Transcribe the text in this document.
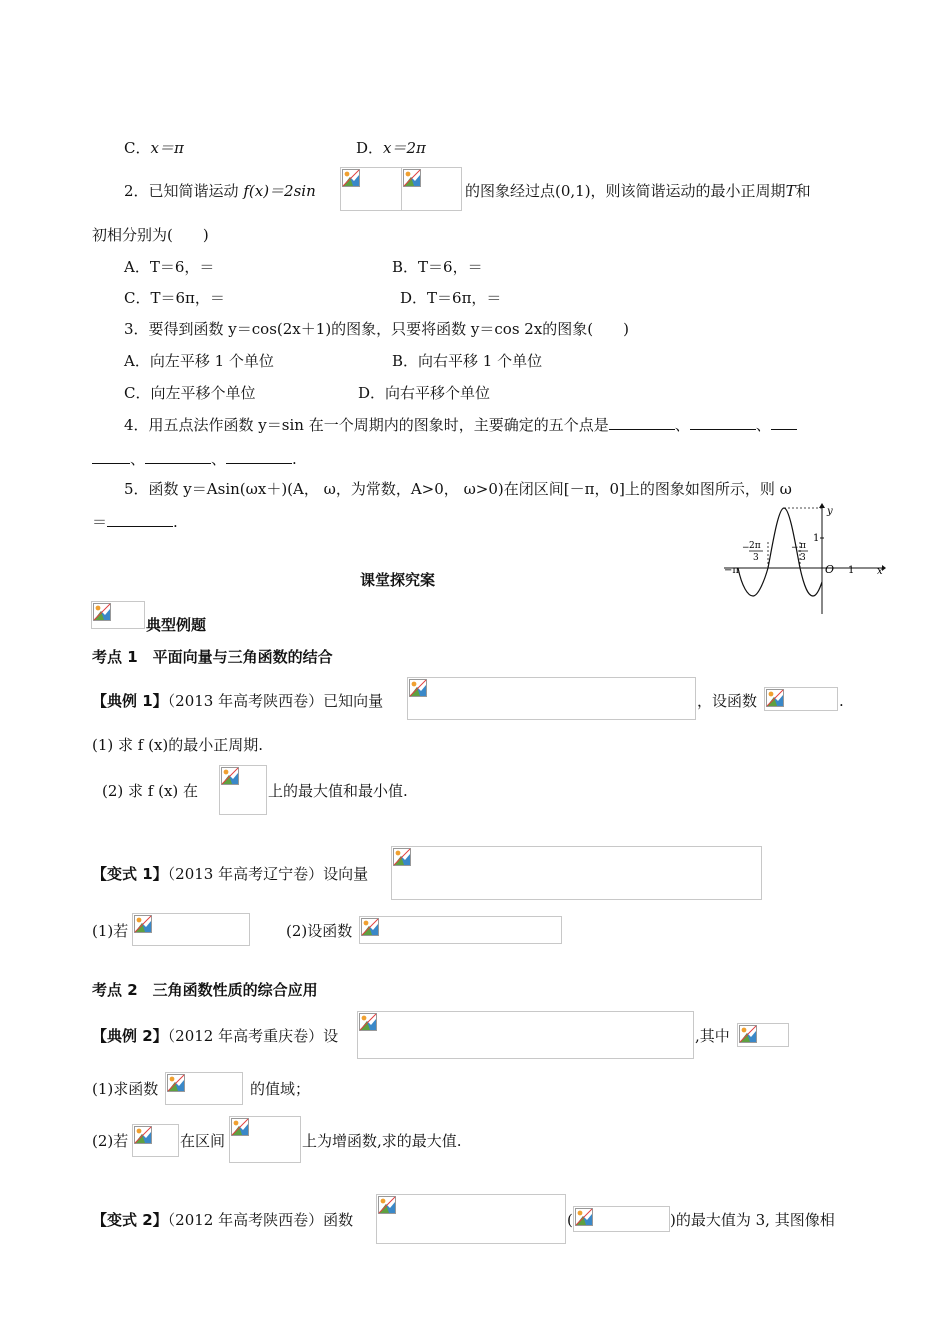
C．x＝π	D．x＝2π
2．已知简谐运动 f(x)＝2sin	的图象经过点(0,1)，则该简谐运动的最小正周期T和
初相分别为(　　)
A．T＝6，＝	B．T＝6，＝
C．T＝6π，＝	D．T＝6π，＝
3．要得到函数 y＝cos(2x＋1)的图象，只要将函数 y＝cos 2x的图象(　　)
A．向左平移 1 个单位	B．向右平移 1 个单位
C．向左平移个单位	D．向右平移个单位
4．用五点法作函数 y＝sin 在一个周期内的图象时，主要确定的五个点是	、	、
、	、	.
5．函数 y＝Asin(ωx＋)(A， ω，为常数，A>0， ω>0)在闭区间[－π，0]上的图象如图所示，则 ω
＝	.
y
x
O
−π	1
1
− 2π
3
− π
3
课堂探究案
典型例题
考点 1　平面向量与三角函数的结合
【典例 1】（2013 年高考陕西卷）已知向量	，设函数	.
(1) 求 f (x)的最小正周期.
(2) 求 f (x) 在	上的最大值和最小值.
【变式 1】（2013 年高考辽宁卷）设向量
(1)若	(2)设函数
考点 2　三角函数性质的综合应用
【典例 2】（2012 年高考重庆卷）设	,其中
(1)求函数	的值域；
(2)若	在区间	上为增函数,求的最大值.
【变式 2】（2012 年高考陕西卷）函数	(	)的最大值为 3, 其图像相
